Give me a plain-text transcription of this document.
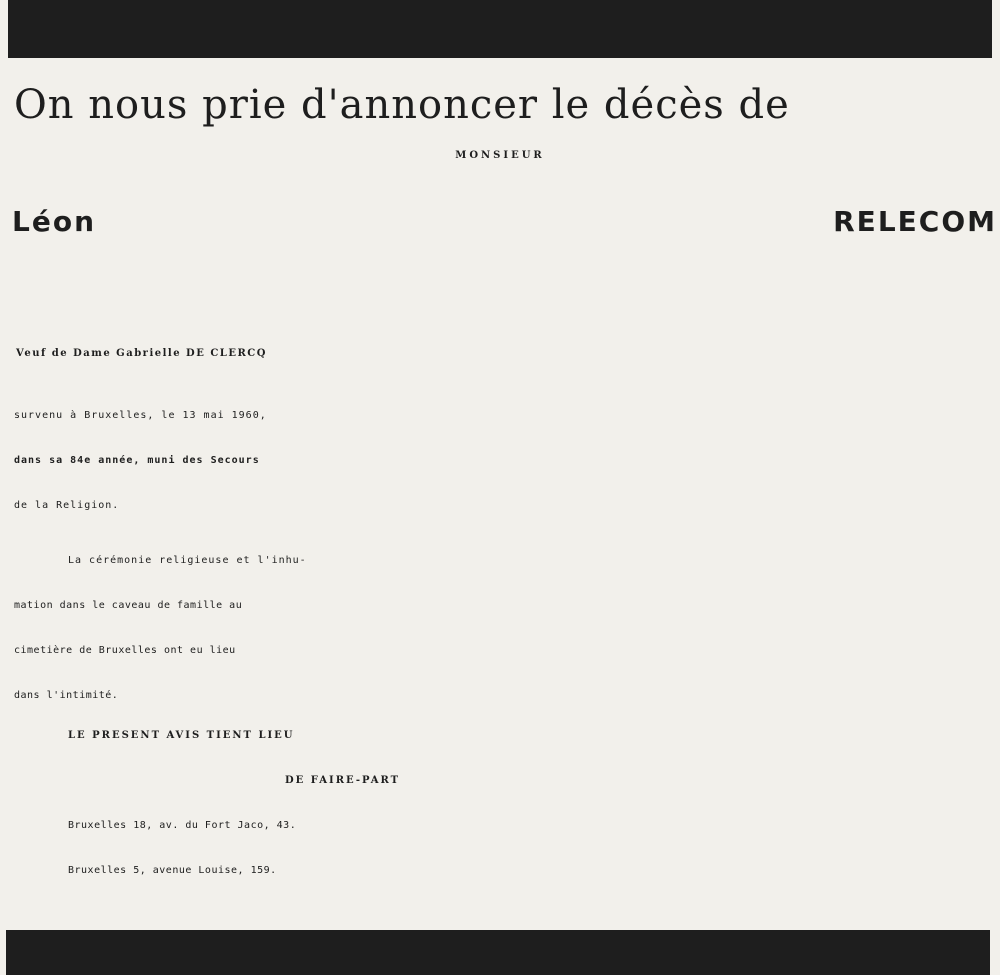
On nous prie d'annoncer le décès de
MONSIEUR
Léon	RELECOM
Veuf de Dame Gabrielle DE CLERCQ
survenu à Bruxelles, le 13 mai 1960,
dans sa 84e année, muni des Secours
de la Religion.
La cérémonie religieuse et l'inhu-
mation dans le caveau de famille au
cimetière de Bruxelles ont eu lieu
dans l'intimité.
LE PRESENT AVIS TIENT LIEU
DE FAIRE-PART
Bruxelles 18, av. du Fort Jaco, 43.
Bruxelles 5, avenue Louise, 159.
